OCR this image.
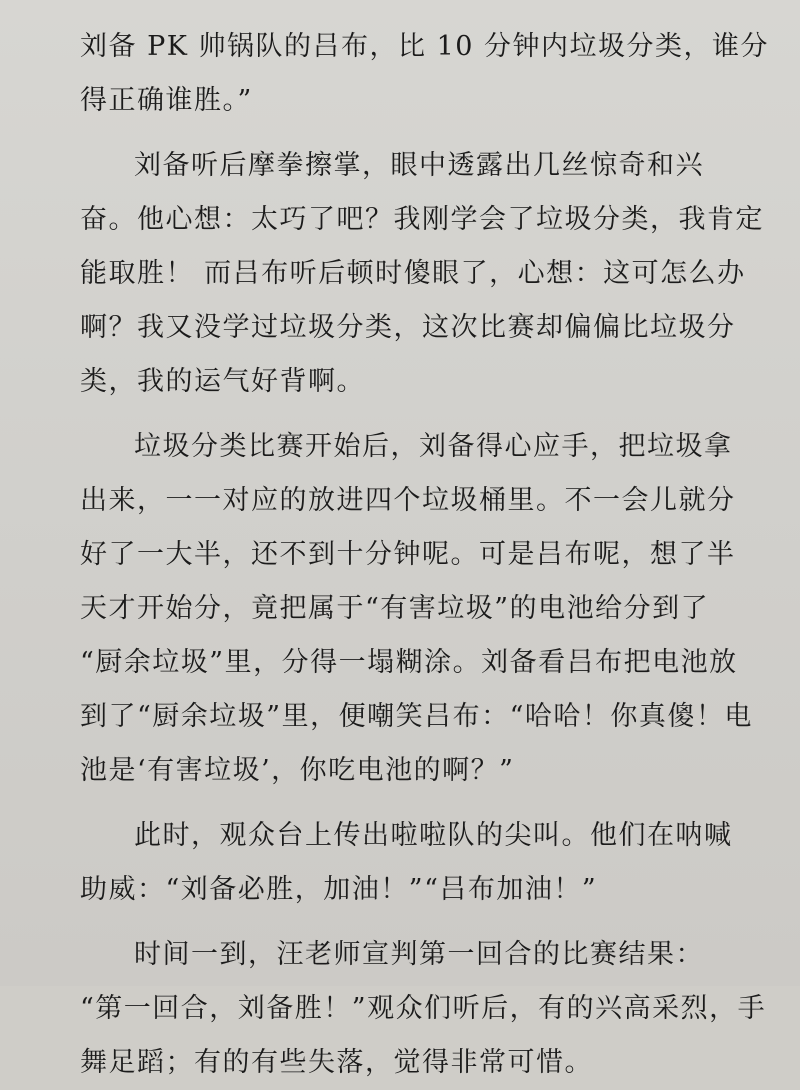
刘备 PK 帅锅队的吕布，比 10 分钟内垃圾分类，谁分
得正确谁胜。”
刘备听后摩拳擦掌，眼中透露出几丝惊奇和兴
奋。他心想：太巧了吧？我刚学会了垃圾分类，我肯定
能取胜！ 而吕布听后顿时傻眼了，心想：这可怎么办
啊？我又没学过垃圾分类，这次比赛却偏偏比垃圾分
类，我的运气好背啊。
垃圾分类比赛开始后，刘备得心应手，把垃圾拿
出来，一一对应的放进四个垃圾桶里。不一会儿就分
好了一大半，还不到十分钟呢。可是吕布呢，想了半
天才开始分，竟把属于“有害垃圾”的电池给分到了
“厨余垃圾”里，分得一塌糊涂。刘备看吕布把电池放
到了“厨余垃圾”里，便嘲笑吕布：“哈哈！你真傻！电
池是‘有害垃圾’，你吃电池的啊？”
此时，观众台上传出啦啦队的尖叫。他们在呐喊
助威：“刘备必胜，加油！”“吕布加油！”
时间一到，汪老师宣判第一回合的比赛结果：
“第一回合，刘备胜！”观众们听后，有的兴高采烈，手
舞足蹈；有的有些失落，觉得非常可惜。
